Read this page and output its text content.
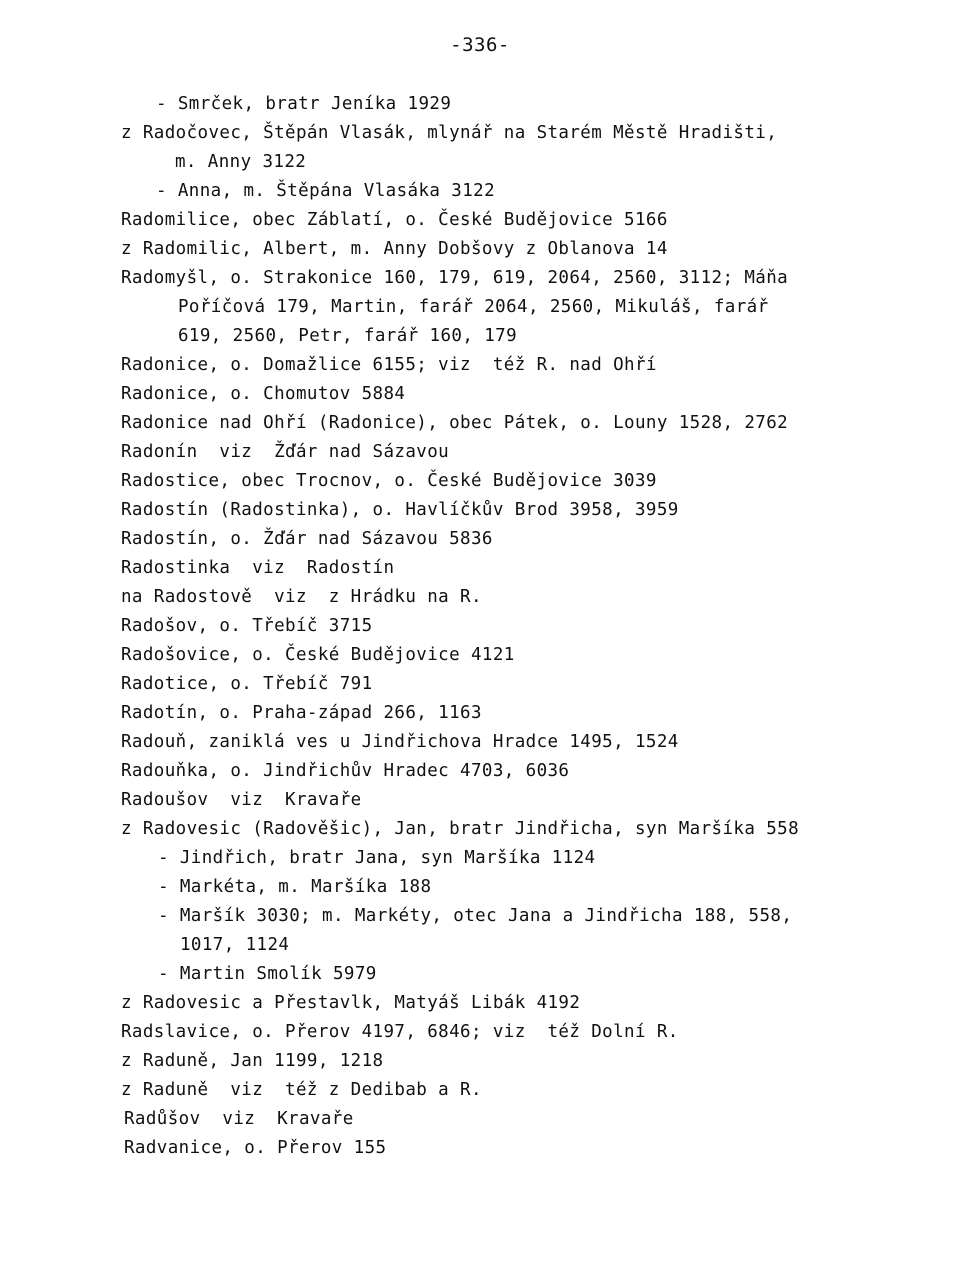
-336-
- Smrček, bratr Jeníka 1929
z Radočovec, Štěpán Vlasák, mlynář na Starém Městě Hradišti,
m. Anny 3122
- Anna, m. Štěpána Vlasáka 3122
Radomilice, obec Záblatí, o. České Budějovice 5166
z Radomilic, Albert, m. Anny Dobšovy z Oblanova 14
Radomyšl, o. Strakonice 160, 179, 619, 2064, 2560, 3112; Máňa
Poříčová 179, Martin, farář 2064, 2560, Mikuláš, farář
619, 2560, Petr, farář 160, 179
Radonice, o. Domažlice 6155; viz  též R. nad Ohří
Radonice, o. Chomutov 5884
Radonice nad Ohří (Radonice), obec Pátek, o. Louny 1528, 2762
Radonín  viz  Žďár nad Sázavou
Radostice, obec Trocnov, o. České Budějovice 3039
Radostín (Radostinka), o. Havlíčkův Brod 3958, 3959
Radostín, o. Žďár nad Sázavou 5836
Radostinka  viz  Radostín
na Radostově  viz  z Hrádku na R.
Radošov, o. Třebíč 3715
Radošovice, o. České Budějovice 4121
Radotice, o. Třebíč 791
Radotín, o. Praha-západ 266, 1163
Radouň, zaniklá ves u Jindřichova Hradce 1495, 1524
Radouňka, o. Jindřichův Hradec 4703, 6036
Radoušov  viz  Kravaře
z Radovesic (Radověšic), Jan, bratr Jindřicha, syn Maršíka 558
- Jindřich, bratr Jana, syn Maršíka 1124
- Markéta, m. Maršíka 188
- Maršík 3030; m. Markéty, otec Jana a Jindřicha 188, 558,
1017, 1124
- Martin Smolík 5979
z Radovesic a Přestavlk, Matyáš Libák 4192
Radslavice, o. Přerov 4197, 6846; viz  též Dolní R.
z Raduně, Jan 1199, 1218
z Raduně  viz  též z Dedibab a R.
Radůšov  viz  Kravaře
Radvanice, o. Přerov 155
